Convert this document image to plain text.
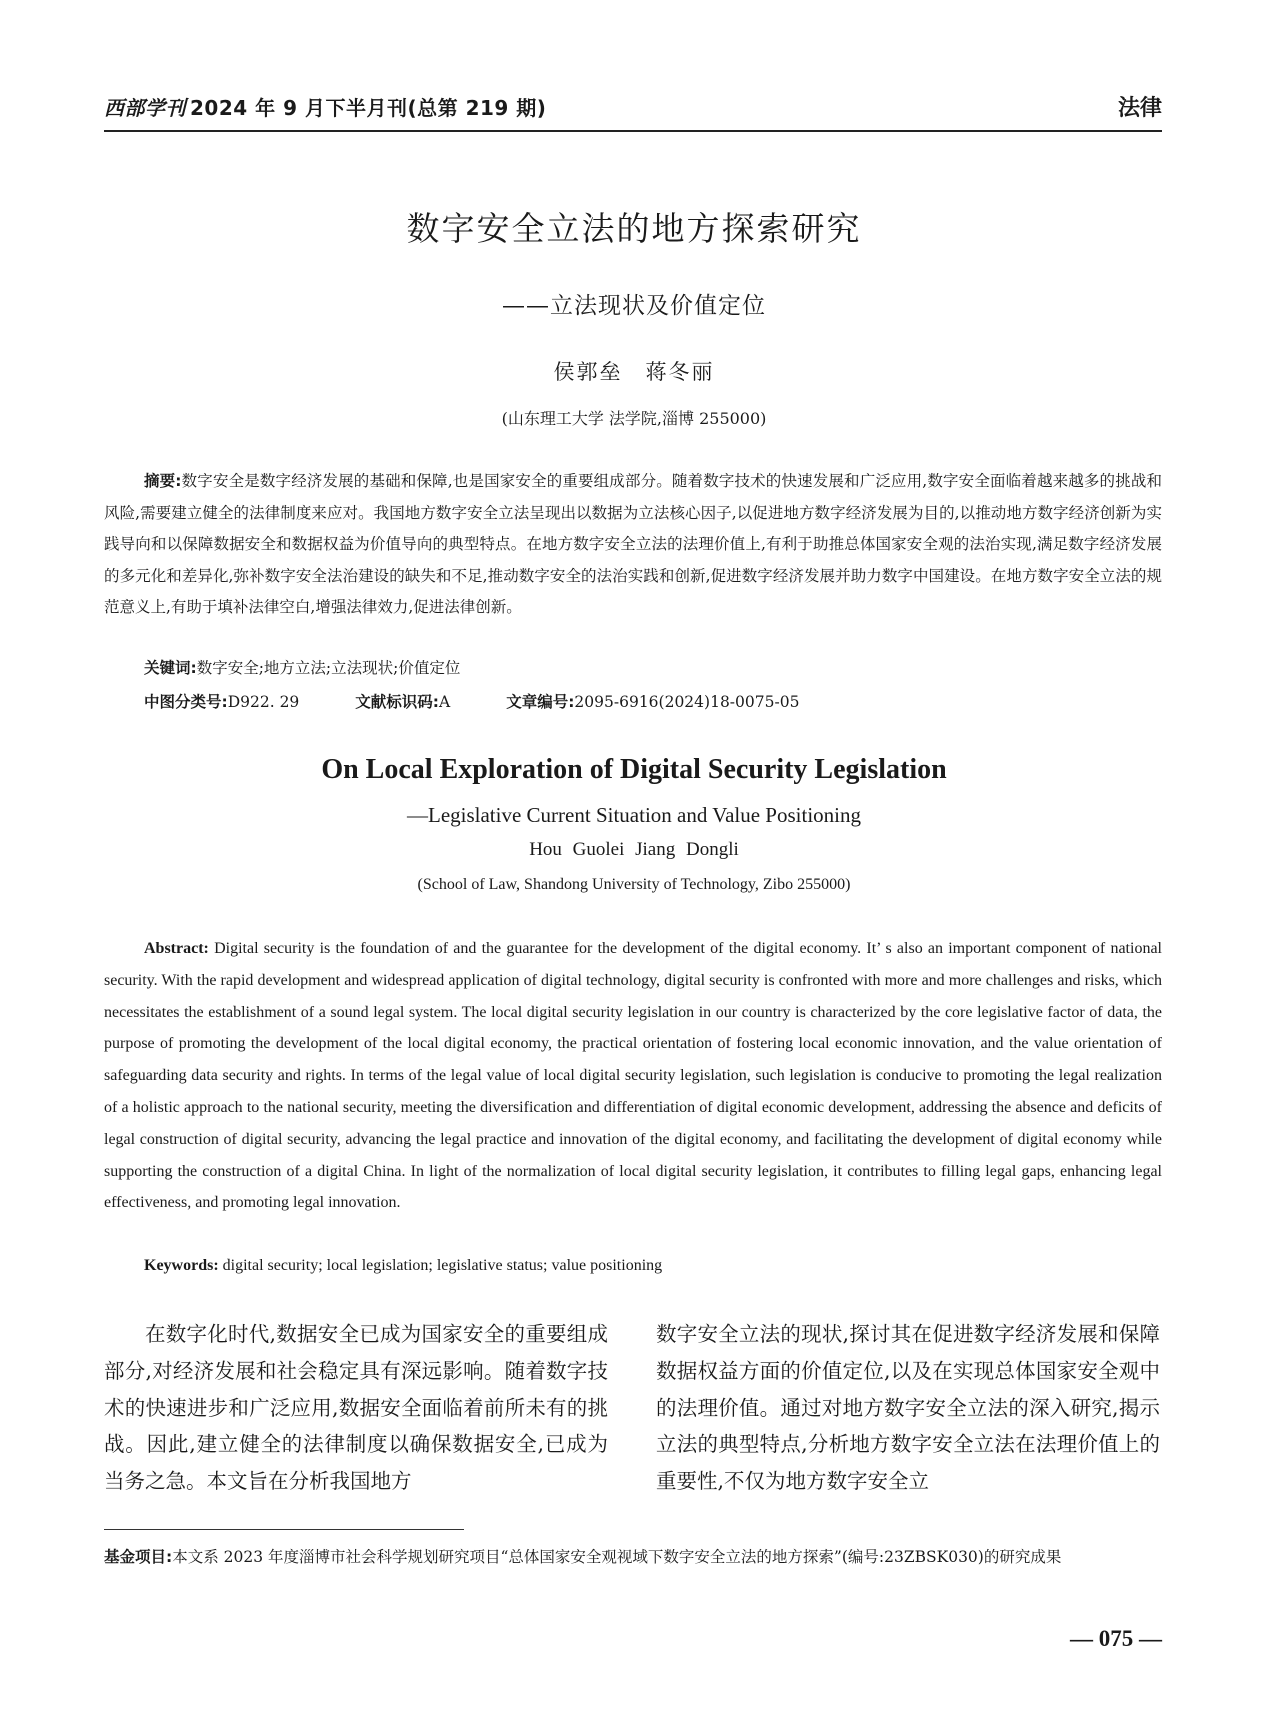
西部学刊 2024 年 9 月下半月刊(总第 219 期)	法律
数字安全立法的地方探索研究
——立法现状及价值定位
侯郭垒　蒋冬丽
(山东理工大学 法学院,淄博 255000)

摘要:数字安全是数字经济发展的基础和保障,也是国家安全的重要组成部分。随着数字技术的快速发展和广泛应用,数字安全面临着越来越多的挑战和风险,需要建立健全的法律制度来应对。我国地方数字安全立法呈现出以数据为立法核心因子,以促进地方数字经济发展为目的,以推动地方数字经济创新为实践导向和以保障数据安全和数据权益为价值导向的典型特点。在地方数字安全立法的法理价值上,有利于助推总体国家安全观的法治实现,满足数字经济发展的多元化和差异化,弥补数字安全法治建设的缺失和不足,推动数字安全的法治实践和创新,促进数字经济发展并助力数字中国建设。在地方数字安全立法的规范意义上,有助于填补法律空白,增强法律效力,促进法律创新。

关键词:数字安全;地方立法;立法现状;价值定位
中图分类号:D922. 29	文献标识码:A	文章编号:2095-6916(2024)18-0075-05
On Local Exploration of Digital Security Legislation
—Legislative Current Situation and Value Positioning
Hou Guolei Jiang Dongli
(School of Law, Shandong University of Technology, Zibo 255000)

Abstract: Digital security is the foundation of and the guarantee for the development of the digital economy. It’ s also an important component of national security. With the rapid development and widespread application of digital technology, digital security is confronted with more and more challenges and risks, which necessitates the establishment of a sound legal system. The local digital security legislation in our country is characterized by the core legislative factor of data, the purpose of promoting the development of the local digital economy, the practical orientation of fostering local economic innovation, and the value orientation of safeguarding data security and rights. In terms of the legal value of local digital security legislation, such legislation is conducive to promoting the legal realization of a holistic approach to the national security, meeting the diversification and differentiation of digital economic development, addressing the absence and deficits of legal construction of digital security, advancing the legal practice and innovation of the digital economy, and facilitating the development of digital economy while supporting the construction of a digital China. In light of the normalization of local digital security legislation, it contributes to filling legal gaps, enhancing legal effectiveness, and promoting legal innovation.

Keywords: digital security; local legislation; legislative status; value positioning

在数字化时代,数据安全已成为国家安全的重要组成部分,对经济发展和社会稳定具有深远影响。随着数字技术的快速进步和广泛应用,数据安全面临着前所未有的挑战。因此,建立健全的法律制度以确保数据安全,已成为当务之急。本文旨在分析我国地方

数字安全立法的现状,探讨其在促进数字经济发展和保障数据权益方面的价值定位,以及在实现总体国家安全观中的法理价值。通过对地方数字安全立法的深入研究,揭示立法的典型特点,分析地方数字安全立法在法理价值上的重要性,不仅为地方数字安全立

基金项目:本文系 2023 年度淄博市社会科学规划研究项目“总体国家安全观视域下数字安全立法的地方探索”(编号:23ZBSK030)的研究成果

— 075 —
